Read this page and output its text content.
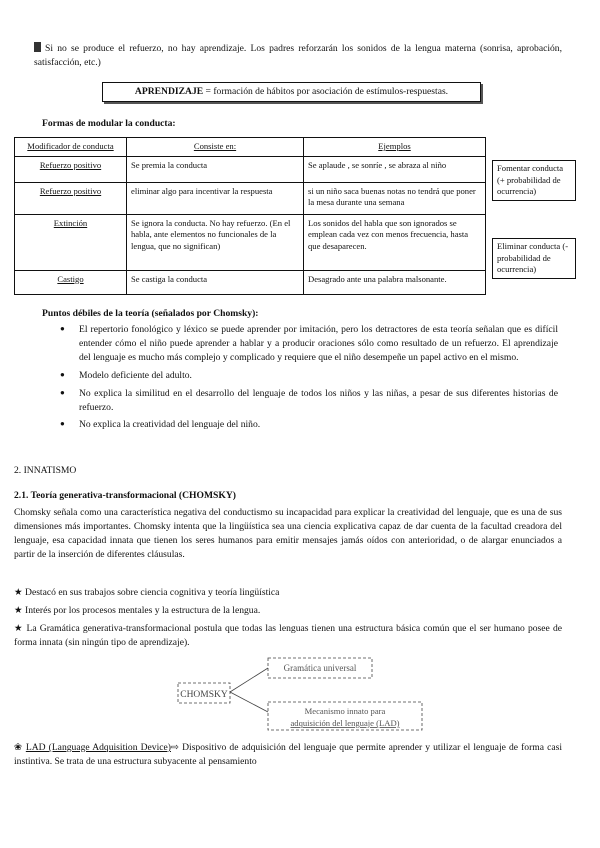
Si no se produce el refuerzo, no hay aprendizaje. Los padres reforzarán los sonidos de la lengua materna (sonrisa, aprobación, satisfacción, etc.)
APRENDIZAJE = formación de hábitos por asociación de estímulos-respuestas.
Formas de modular la conducta:
Modificador de conducta	Consiste en:	Ejemplos
Refuerzo positivo	Se premia la conducta	Se aplaude , se sonríe , se abraza al niño
Refuerzo positivo	eliminar algo para incentivar la respuesta	si un niño saca buenas notas no tendrá que poner la mesa durante una semana
Extinción	Se ignora la conducta. No hay refuerzo. (En el habla, ante elementos no funcionales de la lengua, que no significan)	Los sonidos del habla que son ignorados se emplean cada vez con menos frecuencia, hasta que desaparecen.
Castigo	Se castiga la conducta	Desagrado ante una palabra malsonante.
Fomentar conducta (+ probabilidad de ocurrencia)
Eliminar conducta (- probabilidad de ocurrencia)
Puntos débiles de la teoría (señalados por Chomsky):
● El repertorio fonológico y léxico se puede aprender por imitación, pero los detractores de esta teoría señalan que es difícil entender cómo el niño puede aprender a hablar y a producir oraciones sólo como resultado de un refuerzo. El aprendizaje del lenguaje es mucho más complejo y complicado y requiere que el niño desempeñe un papel activo en el mismo.
● Modelo deficiente del adulto.
● No explica la similitud en el desarrollo del lenguaje de todos los niños y las niñas, a pesar de sus diferentes historias de refuerzo.
● No explica la creatividad del lenguaje del niño.
2. INNATISMO
2.1. Teoría generativa-transformacional (CHOMSKY)
Chomsky señala como una característica negativa del conductismo su incapacidad para explicar la creatividad del lenguaje, que es una de sus dimensiones más importantes. Chomsky intenta que la lingüística sea una ciencia explicativa capaz de dar cuenta de la facultad creadora del lenguaje, esa capacidad innata que tienen los seres humanos para emitir mensajes jamás oídos con anterioridad, o de alargar enunciados a partir de la inserción de diferentes cláusulas.
★ Destacó en sus trabajos sobre ciencia cognitiva y teoría lingüística
★ Interés por los procesos mentales y la estructura de la lengua.
★ La Gramática generativa-transformacional postula que todas las lenguas tienen una estructura básica común que el ser humano posee de forma innata (sin ningún tipo de aprendizaje).
CHOMSKY
Gramática universal
Mecanismo innato para
adquisición del lenguaje (LAD)
❀ LAD (Language Adquisition Device)⇨ Dispositivo de adquisición del lenguaje que permite aprender y utilizar el lenguaje de forma casi instintiva. Se trata de una estructura subyacente al pensamiento
